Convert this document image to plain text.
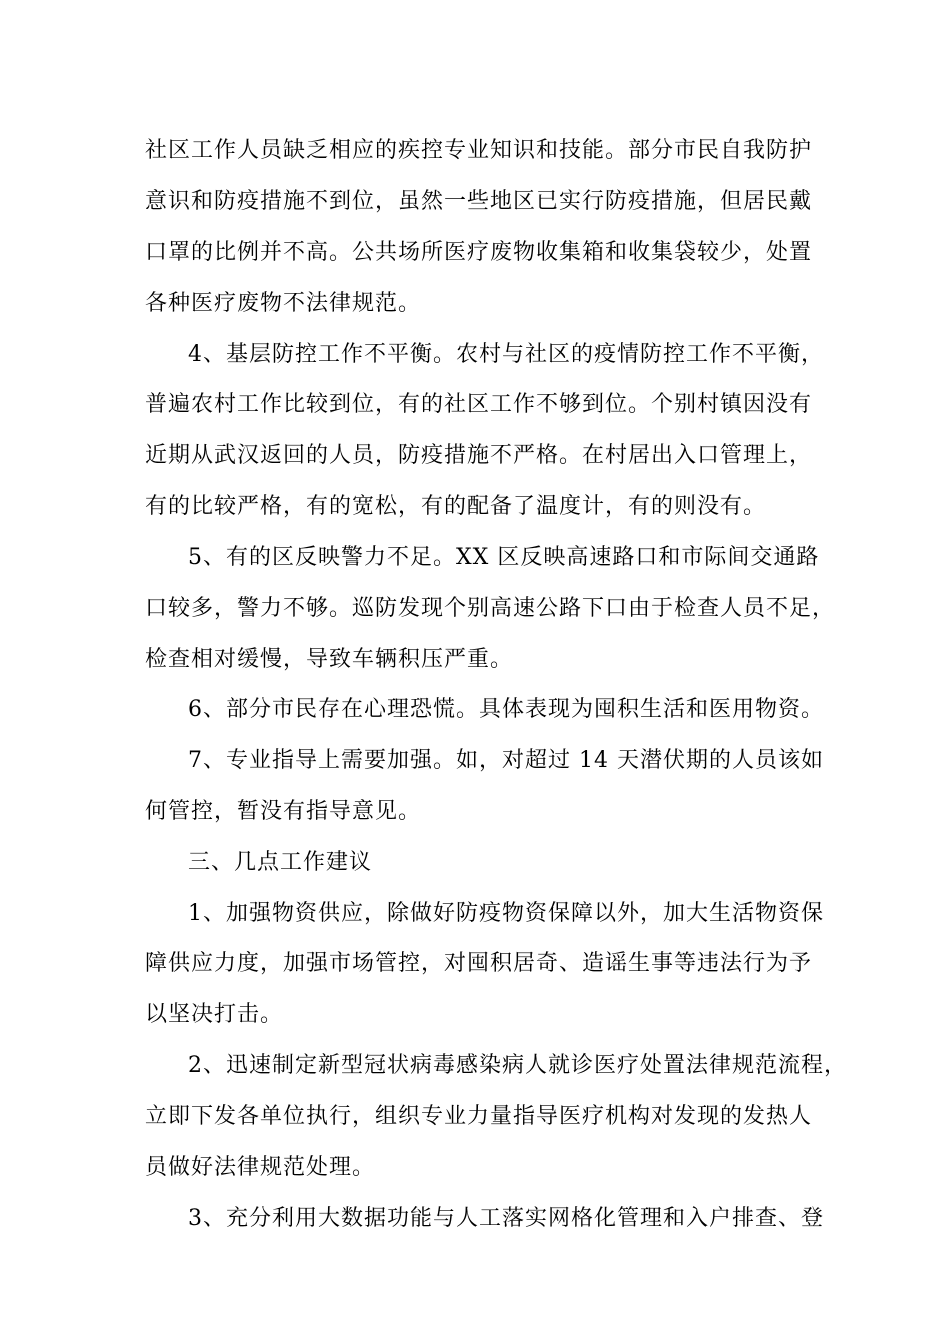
社区工作人员缺乏相应的疾控专业知识和技能。部分市民自我防护
意识和防疫措施不到位，虽然一些地区已实行防疫措施，但居民戴
口罩的比例并不高。公共场所医疗废物收集箱和收集袋较少，处置
各种医疗废物不法律规范。
4、基层防控工作不平衡。农村与社区的疫情防控工作不平衡，
普遍农村工作比较到位，有的社区工作不够到位。个别村镇因没有
近期从武汉返回的人员，防疫措施不严格。在村居出入口管理上，
有的比较严格，有的宽松，有的配备了温度计，有的则没有。
5、有的区反映警力不足。XX 区反映高速路口和市际间交通路
口较多，警力不够。巡防发现个别高速公路下口由于检查人员不足，
检查相对缓慢，导致车辆积压严重。
6、部分市民存在心理恐慌。具体表现为囤积生活和医用物资。
7、专业指导上需要加强。如，对超过 14 天潜伏期的人员该如
何管控，暂没有指导意见。
三、几点工作建议
1、加强物资供应，除做好防疫物资保障以外，加大生活物资保
障供应力度，加强市场管控，对囤积居奇、造谣生事等违法行为予
以坚决打击。
2、迅速制定新型冠状病毒感染病人就诊医疗处置法律规范流程，
立即下发各单位执行，组织专业力量指导医疗机构对发现的发热人
员做好法律规范处理。
3、充分利用大数据功能与人工落实网格化管理和入户排查、登
